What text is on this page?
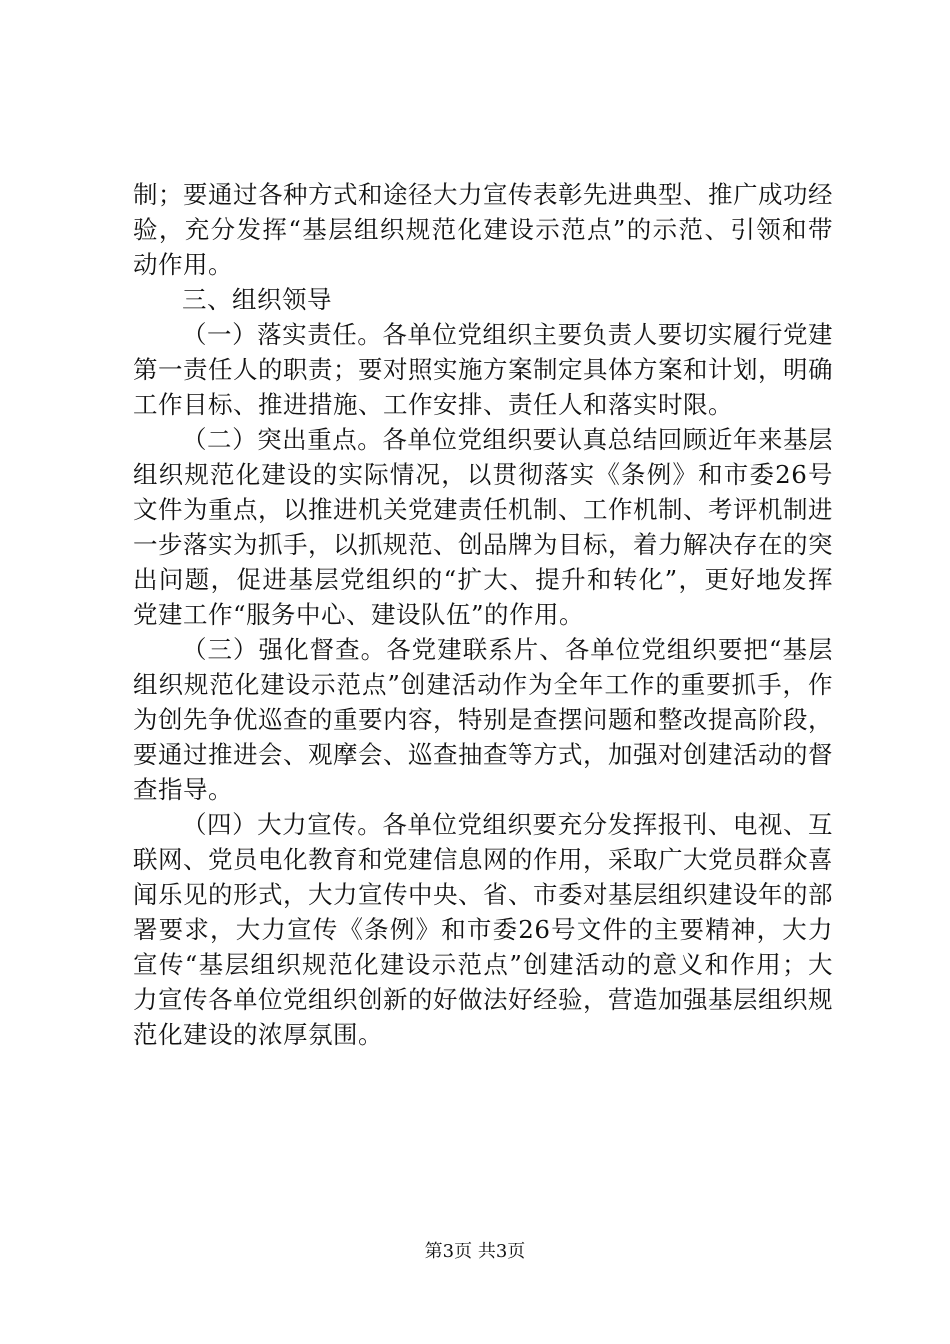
制；要通过各种方式和途径大力宣传表彰先进典型、推广成功经验，充分发挥“基层组织规范化建设示范点”的示范、引领和带动作用。

三、组织领导

（一）落实责任。各单位党组织主要负责人要切实履行党建第一责任人的职责；要对照实施方案制定具体方案和计划，明确工作目标、推进措施、工作安排、责任人和落实时限。

（二）突出重点。各单位党组织要认真总结回顾近年来基层组织规范化建设的实际情况，以贯彻落实《条例》和市委26号文件为重点，以推进机关党建责任机制、工作机制、考评机制进一步落实为抓手，以抓规范、创品牌为目标，着力解决存在的突出问题，促进基层党组织的“扩大、提升和转化”，更好地发挥党建工作“服务中心、建设队伍”的作用。

（三）强化督查。各党建联系片、各单位党组织要把“基层组织规范化建设示范点”创建活动作为全年工作的重要抓手，作为创先争优巡查的重要内容，特别是查摆问题和整改提高阶段，要通过推进会、观摩会、巡查抽查等方式，加强对创建活动的督查指导。

（四）大力宣传。各单位党组织要充分发挥报刊、电视、互联网、党员电化教育和党建信息网的作用，采取广大党员群众喜闻乐见的形式，大力宣传中央、省、市委对基层组织建设年的部署要求，大力宣传《条例》和市委26号文件的主要精神，大力宣传“基层组织规范化建设示范点”创建活动的意义和作用；大力宣传各单位党组织创新的好做法好经验，营造加强基层组织规范化建设的浓厚氛围。

第3页 共3页
